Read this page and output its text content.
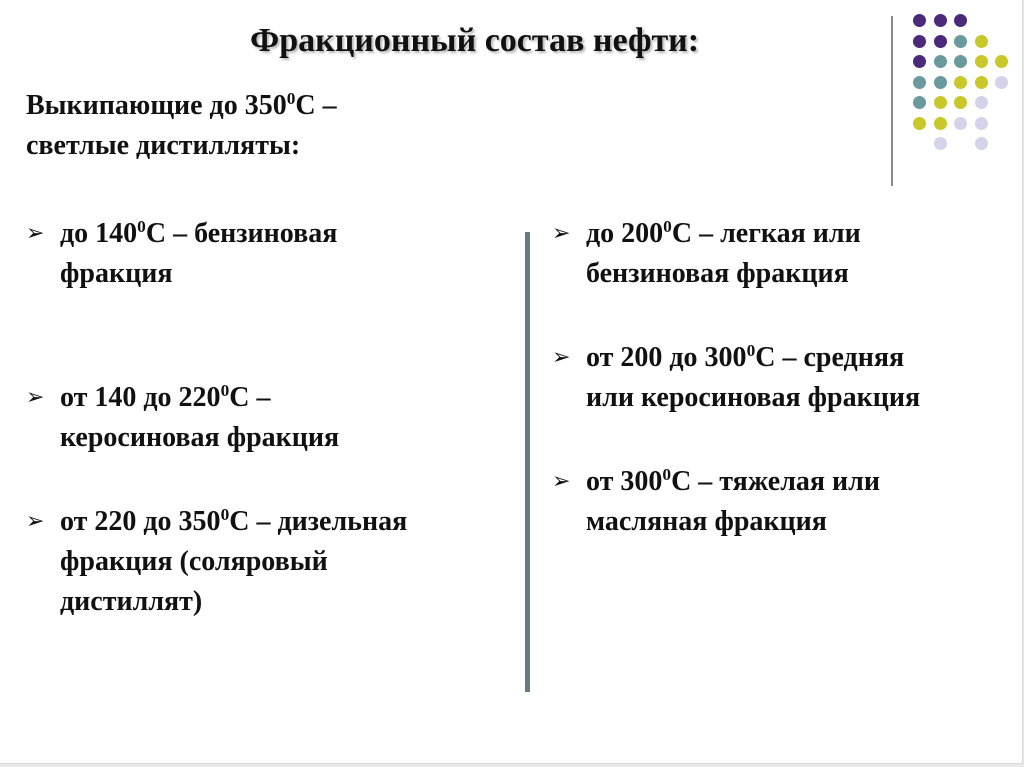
Фракционный состав нефти:
Выкипающие до $350^0С$ –
светлые дистилляты:
➢ до $140^0С$ – бензиновая
фракция
➢ от 140 до $220^0С$ –
керосиновая фракция
➢ от 220 до $350^0С$ – дизельная
фракция (соляровый
дистиллят)
➢ до $200^0С$ – легкая или
бензиновая фракция
➢ от 200 до $300^0С$ – средняя
или керосиновая фракция
➢ от $300^0С$ – тяжелая или
масляная фракция
